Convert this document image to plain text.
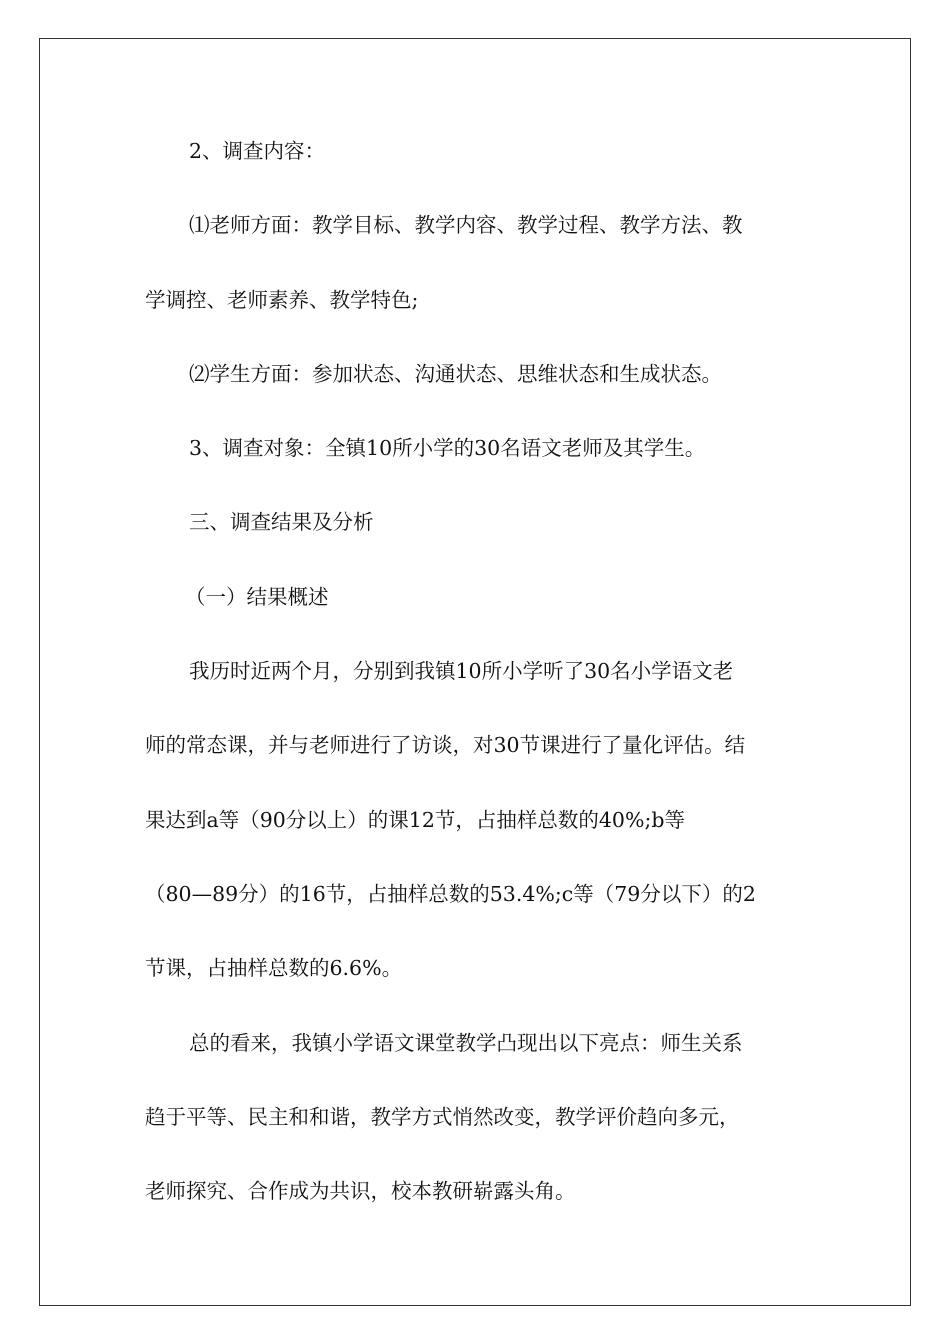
2、调查内容：
⑴老师方面：教学目标、教学内容、教学过程、教学方法、教
学调控、老师素养、教学特色;
⑵学生方面：参加状态、沟通状态、思维状态和生成状态。
3、调查对象：全镇10所小学的30名语文老师及其学生。
三、调查结果及分析
（一）结果概述
我历时近两个月，分别到我镇10所小学听了30名小学语文老
师的常态课，并与老师进行了访谈，对30节课进行了量化评估。结
果达到a等（90分以上）的课12节，占抽样总数的40%;b等
（80—89分）的16节，占抽样总数的53.4%;c等（79分以下）的2
节课，占抽样总数的6.6%。
总的看来，我镇小学语文课堂教学凸现出以下亮点：师生关系
趋于平等、民主和和谐，教学方式悄然改变，教学评价趋向多元，
老师探究、合作成为共识，校本教研崭露头角。
